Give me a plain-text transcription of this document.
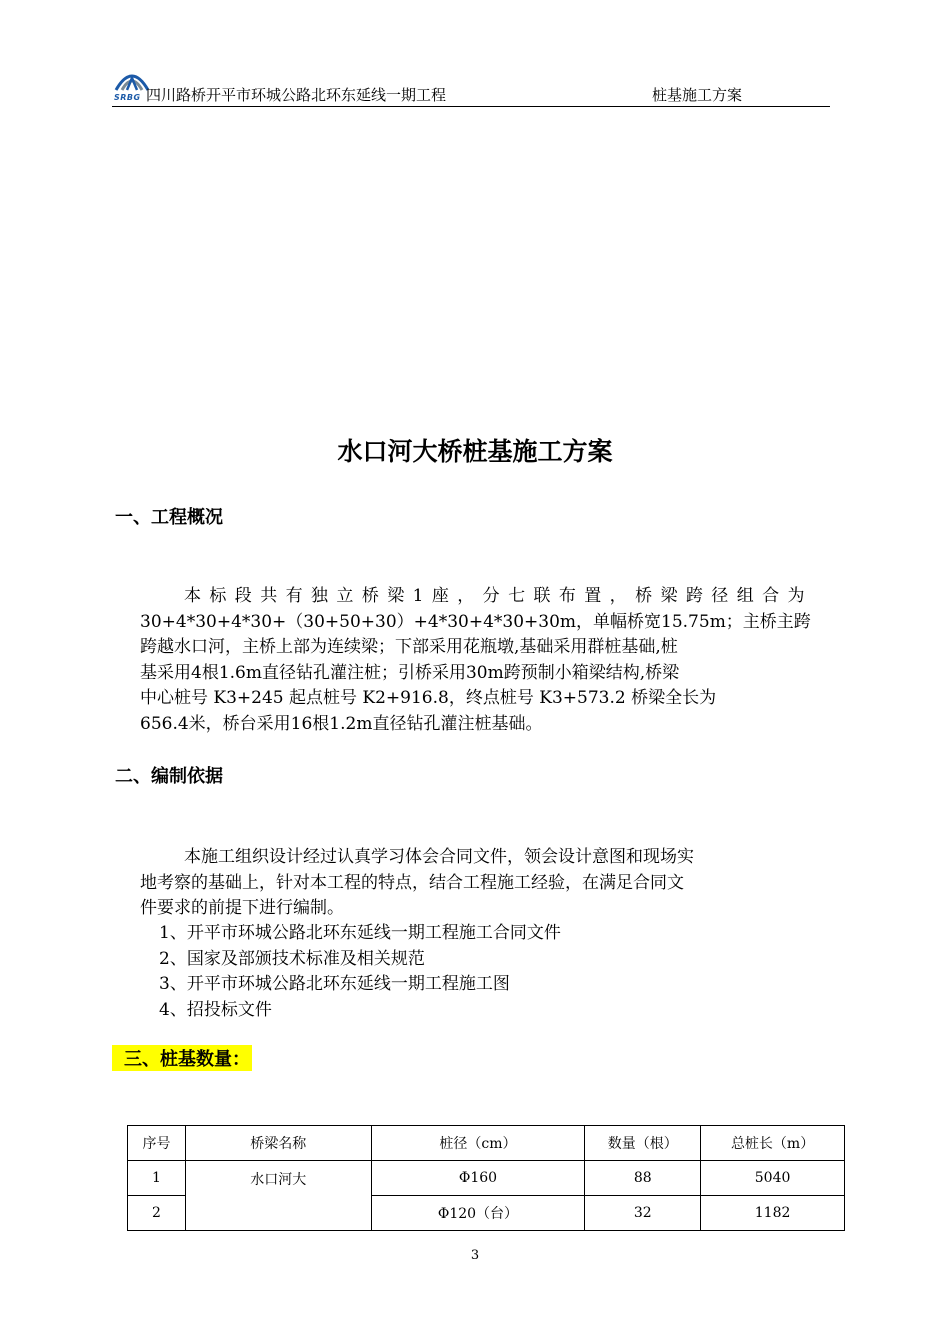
SRBG 四川路桥开平市环城公路北环东延线一期工程	桩基施工方案
水口河大桥桩基施工方案
一、工程概况
本 标 段 共 有 独 立 桥 梁 1 座 ， 分 七 联 布 置 ， 桥 梁 跨 径 组 合 为
30+4*30+4*30+（30+50+30）+4*30+4*30+30m，单幅桥宽15.75m；主桥主跨
跨越水口河，主桥上部为连续梁；下部采用花瓶墩,基础采用群桩基础,桩
基采用4根1.6m直径钻孔灌注桩；引桥采用30m跨预制小箱梁结构,桥梁
中心桩号 K3+245 起点桩号 K2+916.8，终点桩号 K3+573.2 桥梁全长为
656.4米，桥台采用16根1.2m直径钻孔灌注桩基础。
二、编制依据
本施工组织设计经过认真学习体会合同文件，领会设计意图和现场实
地考察的基础上，针对本工程的特点，结合工程施工经验，在满足合同文
件要求的前提下进行编制。
1、开平市环城公路北环东延线一期工程施工合同文件
2、国家及部颁技术标准及相关规范
3、开平市环城公路北环东延线一期工程施工图
4、招投标文件
三、桩基数量：
序号	桥梁名称	桩径（cm）	数量（根）	总桩长（m）
1	水口河大	Φ160	88	5040
2		Φ120（台）	32	1182
3
